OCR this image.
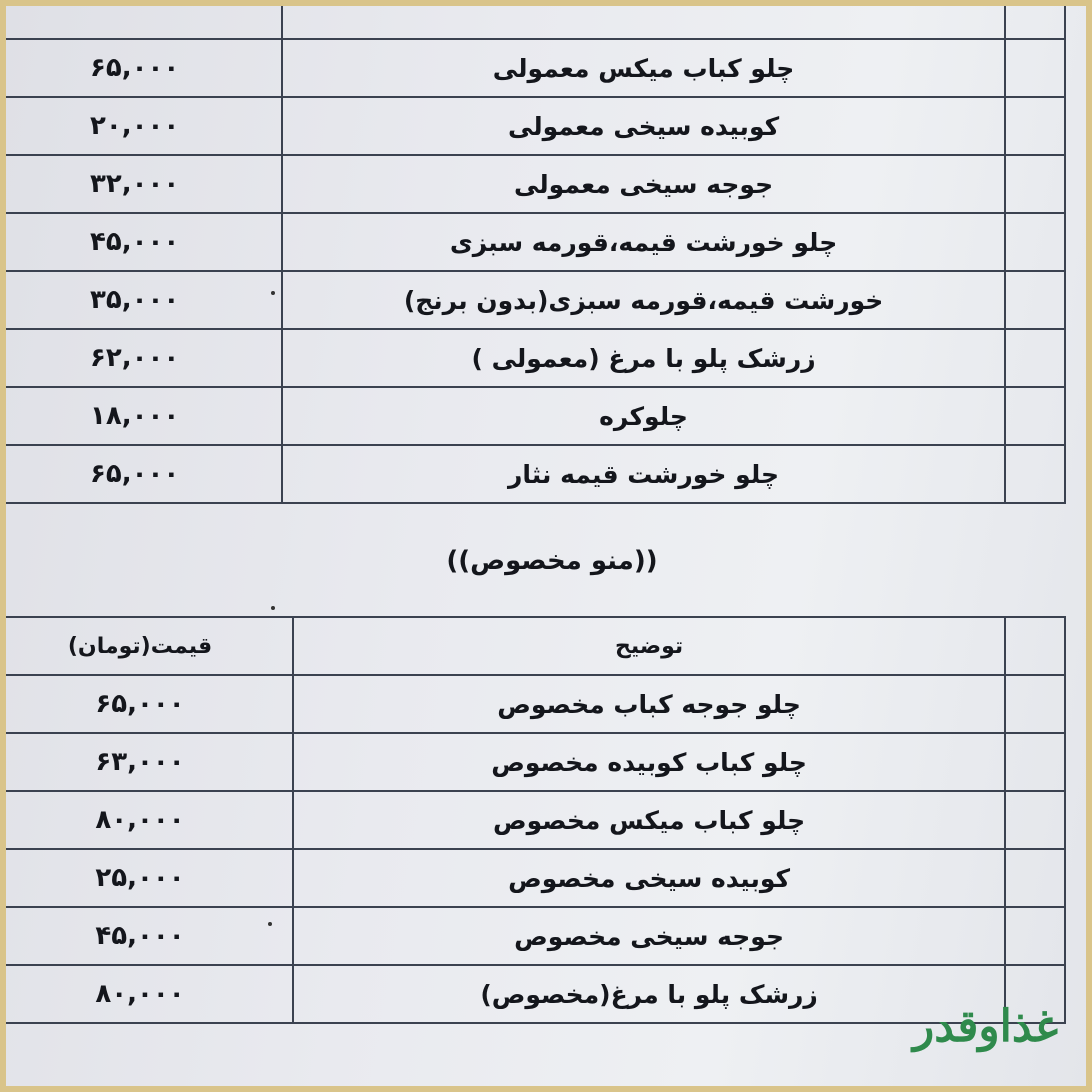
۶۵,۰۰۰	چلو کباب میکس معمولی	
۲۰,۰۰۰	کوبیده سیخی معمولی	
۳۲,۰۰۰	جوجه سیخی معمولی	
۴۵,۰۰۰	چلو خورشت قیمه،قورمه سبزی	
۳۵,۰۰۰	خورشت قیمه،قورمه سبزی(بدون برنج)	
۶۲,۰۰۰	زرشک پلو با مرغ (معمولی )	
۱۸,۰۰۰	چلوکره	
۶۵,۰۰۰	چلو خورشت قیمه نثار	
((منو مخصوص))
قیمت(تومان)	توضیح	
۶۵,۰۰۰	چلو جوجه کباب مخصوص	
۶۳,۰۰۰	چلو کباب کوبیده مخصوص	
۸۰,۰۰۰	چلو کباب میکس مخصوص	
۲۵,۰۰۰	کوبیده سیخی مخصوص	
۴۵,۰۰۰	جوجه سیخی مخصوص	
۸۰,۰۰۰	زرشک پلو با مرغ(مخصوص)	
غذاوقدر
